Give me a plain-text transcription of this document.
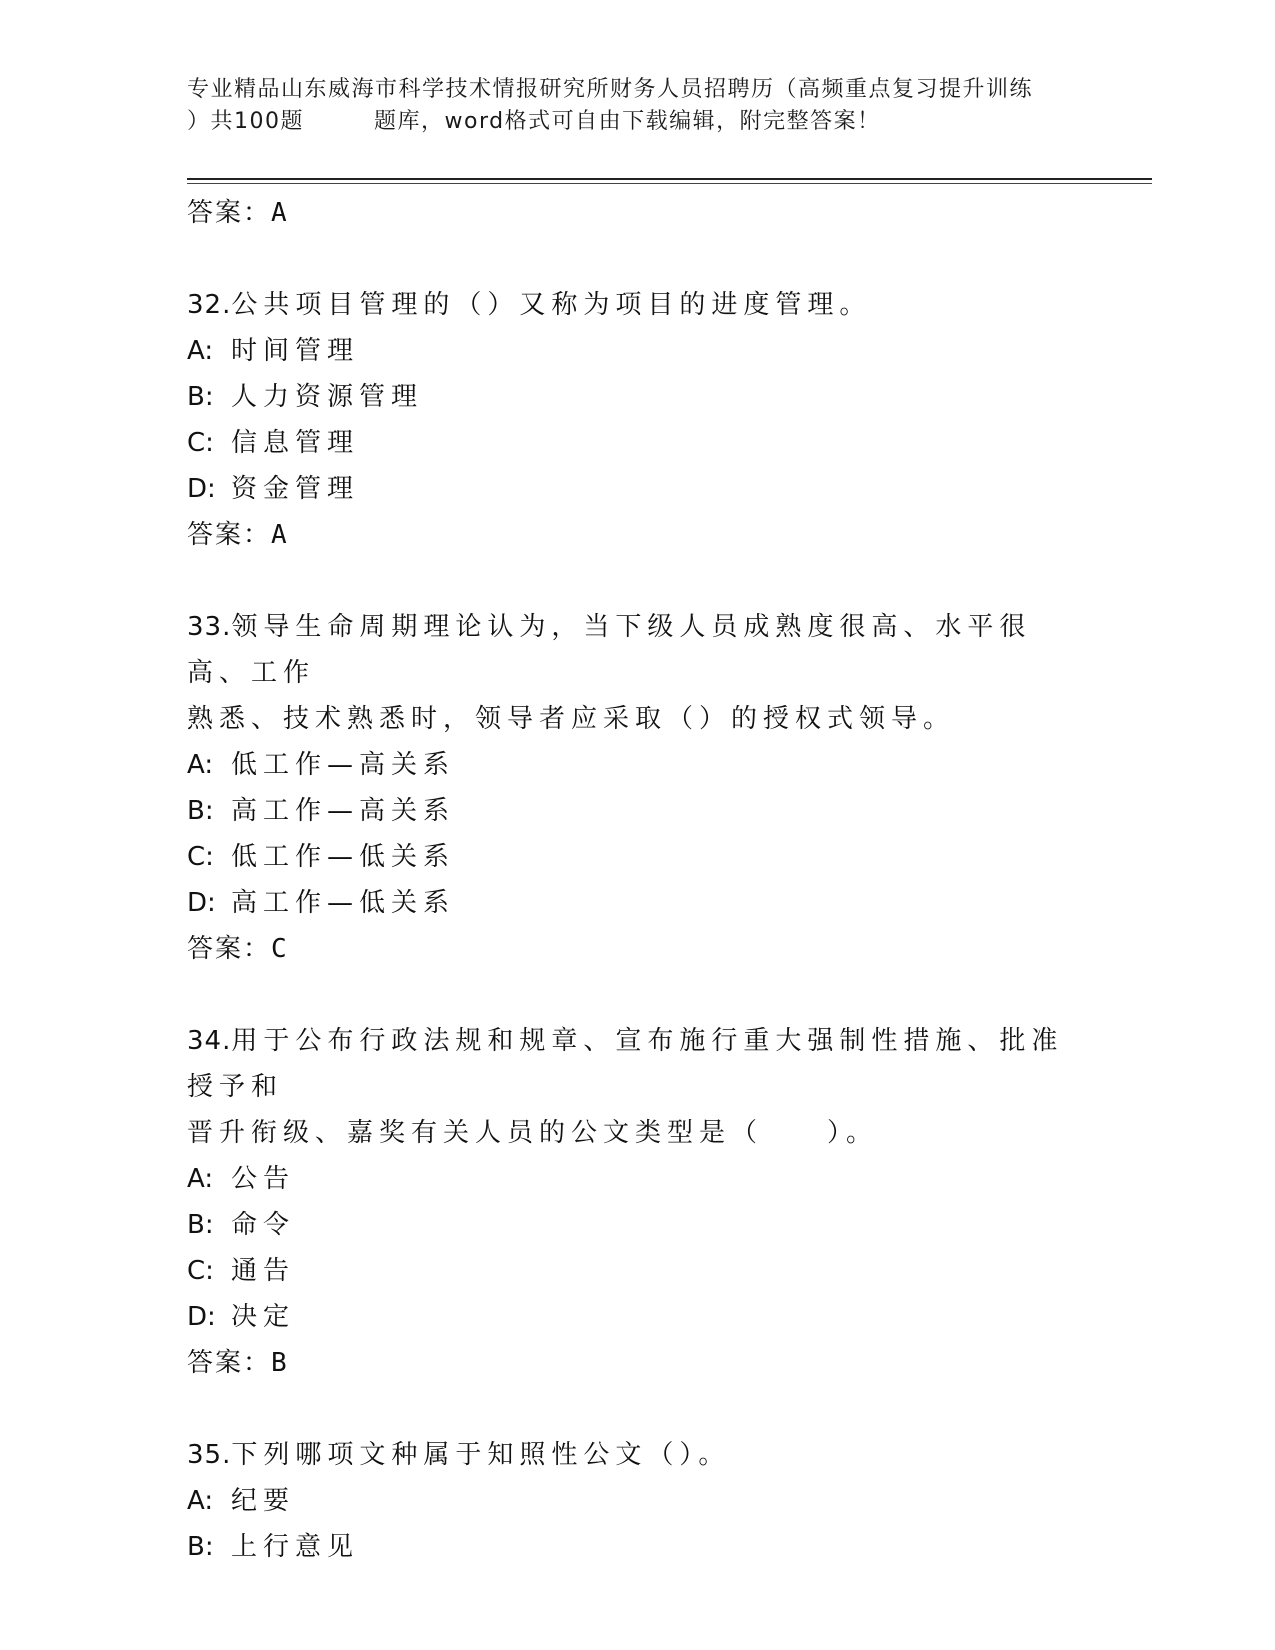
专业精品山东威海市科学技术情报研究所财务人员招聘历（高频重点复习提升训练
）共100题	题库，word格式可自由下载编辑，附完整答案！
答案：A
32.公共项目管理的（）又称为项目的进度管理。
A: 时间管理
B: 人力资源管理
C: 信息管理
D: 资金管理
答案：A
33.领导生命周期理论认为，当下级人员成熟度很高、水平很高、工作
熟悉、技术熟悉时，领导者应采取（）的授权式领导。
A: 低工作—高关系
B: 高工作—高关系
C: 低工作—低关系
D: 高工作—低关系
答案：C
34.用于公布行政法规和规章、宣布施行重大强制性措施、批准授予和
晋升衔级、嘉奖有关人员的公文类型是（　　）。
A: 公告
B: 命令
C: 通告
D: 决定
答案：B
35.下列哪项文种属于知照性公文（）。
A: 纪要
B: 上行意见
